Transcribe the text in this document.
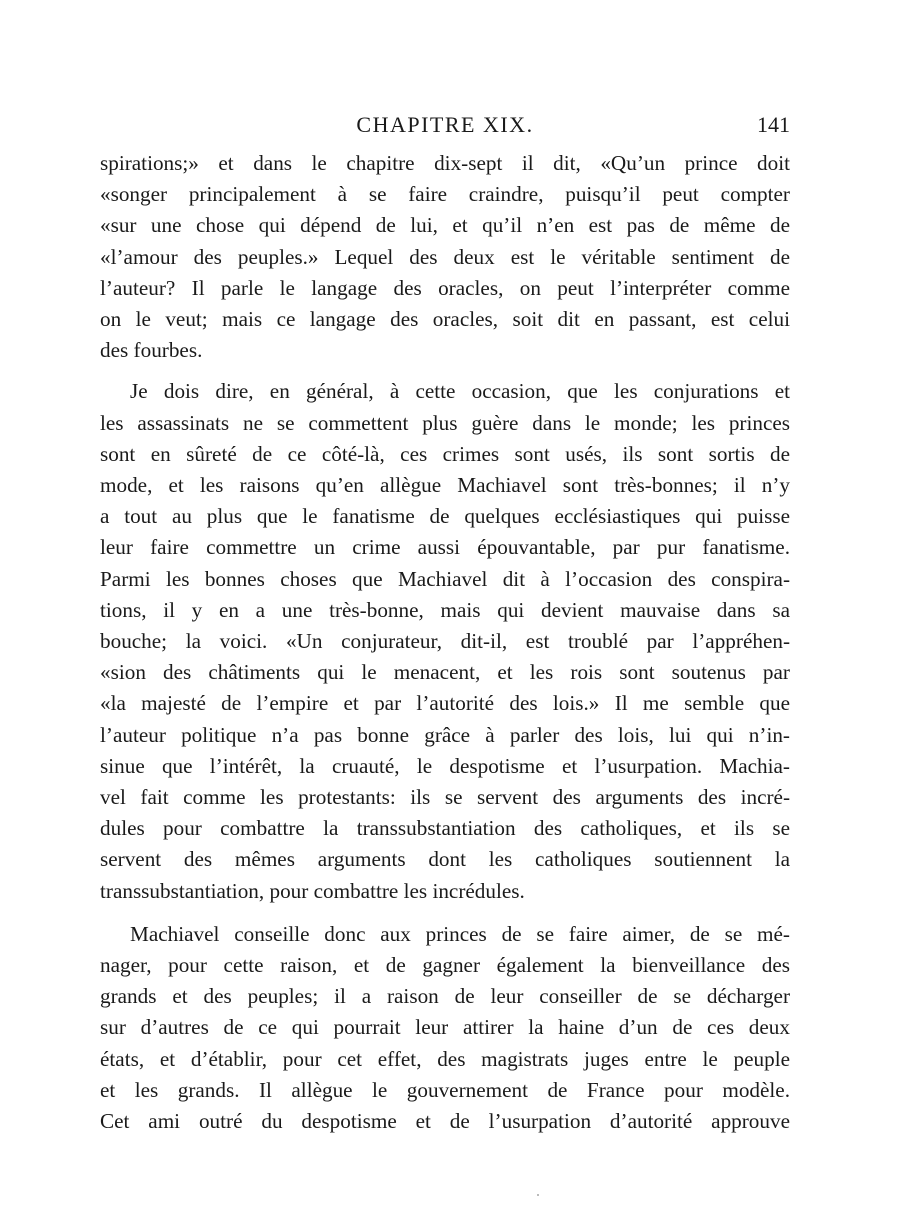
CHAPITRE XIX.	141

spirations;» et dans le chapitre dix-sept il dit, «Qu’un prince doit
«songer principalement à se faire craindre, puisqu’il peut compter
«sur une chose qui dépend de lui, et qu’il n’en est pas de même de
«l’amour des peuples.» Lequel des deux est le véritable sentiment de
l’auteur? Il parle le langage des oracles, on peut l’interpréter comme
on le veut; mais ce langage des oracles, soit dit en passant, est celui
des fourbes.

Je dois dire, en général, à cette occasion, que les conjurations et
les assassinats ne se commettent plus guère dans le monde; les princes
sont en sûreté de ce côté-là, ces crimes sont usés, ils sont sortis de
mode, et les raisons qu’en allègue Machiavel sont très-bonnes; il n’y
a tout au plus que le fanatisme de quelques ecclésiastiques qui puisse
leur faire commettre un crime aussi épouvantable, par pur fanatisme.
Parmi les bonnes choses que Machiavel dit à l’occasion des conspira-
tions, il y en a une très-bonne, mais qui devient mauvaise dans sa
bouche; la voici. «Un conjurateur, dit-il, est troublé par l’appréhen-
«sion des châtiments qui le menacent, et les rois sont soutenus par
«la majesté de l’empire et par l’autorité des lois.» Il me semble que
l’auteur politique n’a pas bonne grâce à parler des lois, lui qui n’in-
sinue que l’intérêt, la cruauté, le despotisme et l’usurpation. Machia-
vel fait comme les protestants: ils se servent des arguments des incré-
dules pour combattre la transsubstantiation des catholiques, et ils se
servent des mêmes arguments dont les catholiques soutiennent la
transsubstantiation, pour combattre les incrédules.

Machiavel conseille donc aux princes de se faire aimer, de se mé-
nager, pour cette raison, et de gagner également la bienveillance des
grands et des peuples; il a raison de leur conseiller de se décharger
sur d’autres de ce qui pourrait leur attirer la haine d’un de ces deux
états, et d’établir, pour cet effet, des magistrats juges entre le peuple
et les grands. Il allègue le gouvernement de France pour modèle.
Cet ami outré du despotisme et de l’usurpation d’autorité approuve
